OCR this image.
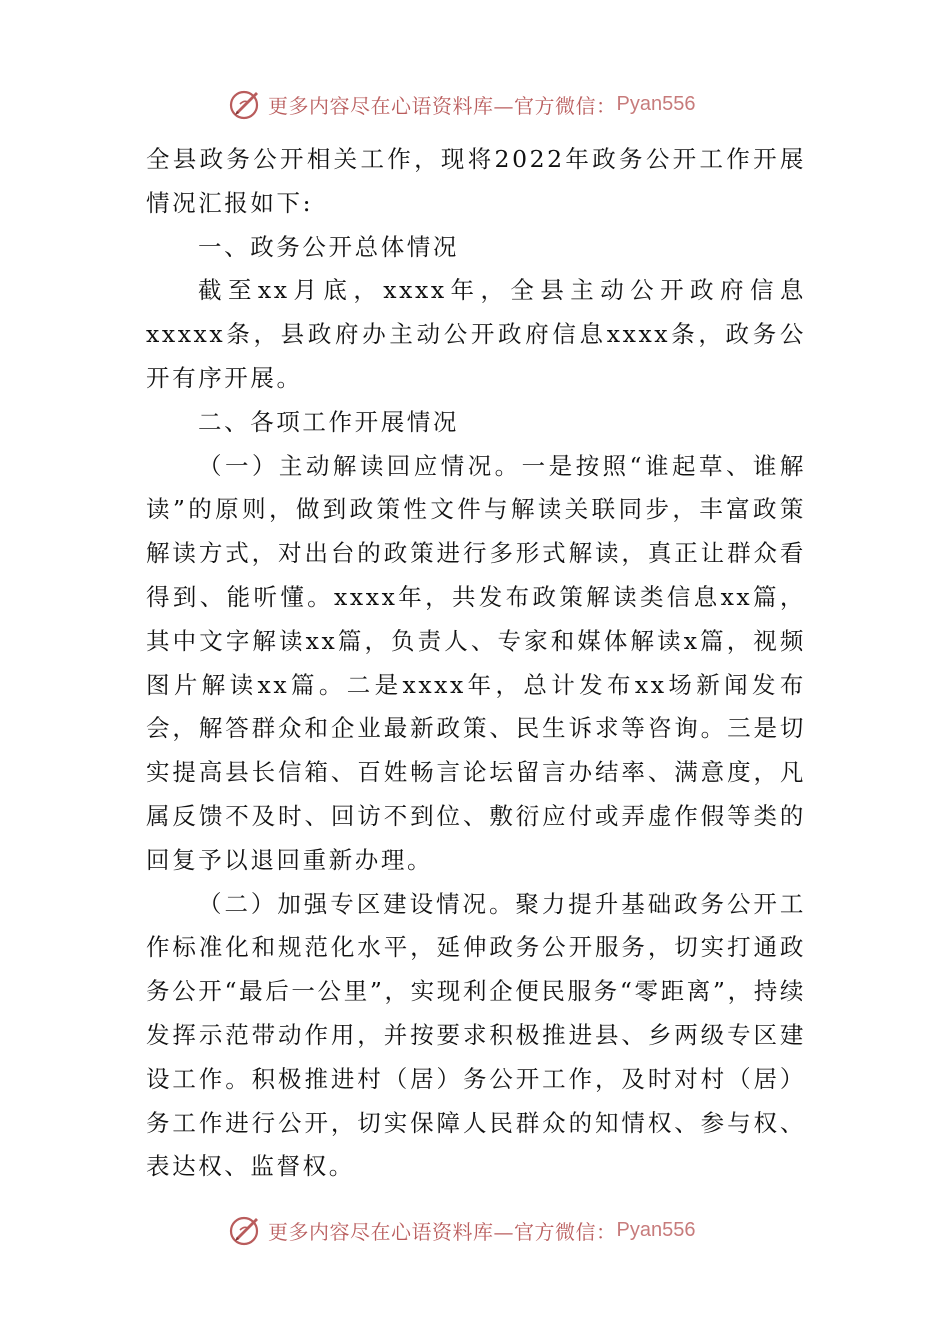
更多内容尽在心语资料库—官方微信： Pyan556

全县政务公开相关工作，现将2022年政务公开工作开展情况汇报如下:

一、政务公开总体情况

截至xx月底，xxxx年，全县主动公开政府信息xxxxx条，县政府办主动公开政府信息xxxx条，政务公开有序开展。

二、各项工作开展情况

（一）主动解读回应情况。一是按照“谁起草、谁解读”的原则，做到政策性文件与解读关联同步，丰富政策解读方式，对出台的政策进行多形式解读，真正让群众看得到、能听懂。xxxx年，共发布政策解读类信息xx篇，其中文字解读xx篇，负责人、专家和媒体解读x篇，视频图片解读xx篇。二是xxxx年，总计发布xx场新闻发布会，解答群众和企业最新政策、民生诉求等咨询。三是切实提高县长信箱、百姓畅言论坛留言办结率、满意度，凡属反馈不及时、回访不到位、敷衍应付或弄虚作假等类的回复予以退回重新办理。

（二）加强专区建设情况。聚力提升基础政务公开工作标准化和规范化水平，延伸政务公开服务，切实打通政务公开“最后一公里”，实现利企便民服务“零距离”，持续发挥示范带动作用，并按要求积极推进县、乡两级专区建设工作。积极推进村（居）务公开工作，及时对村（居）务工作进行公开，切实保障人民群众的知情权、参与权、表达权、监督权。

更多内容尽在心语资料库—官方微信： Pyan556
